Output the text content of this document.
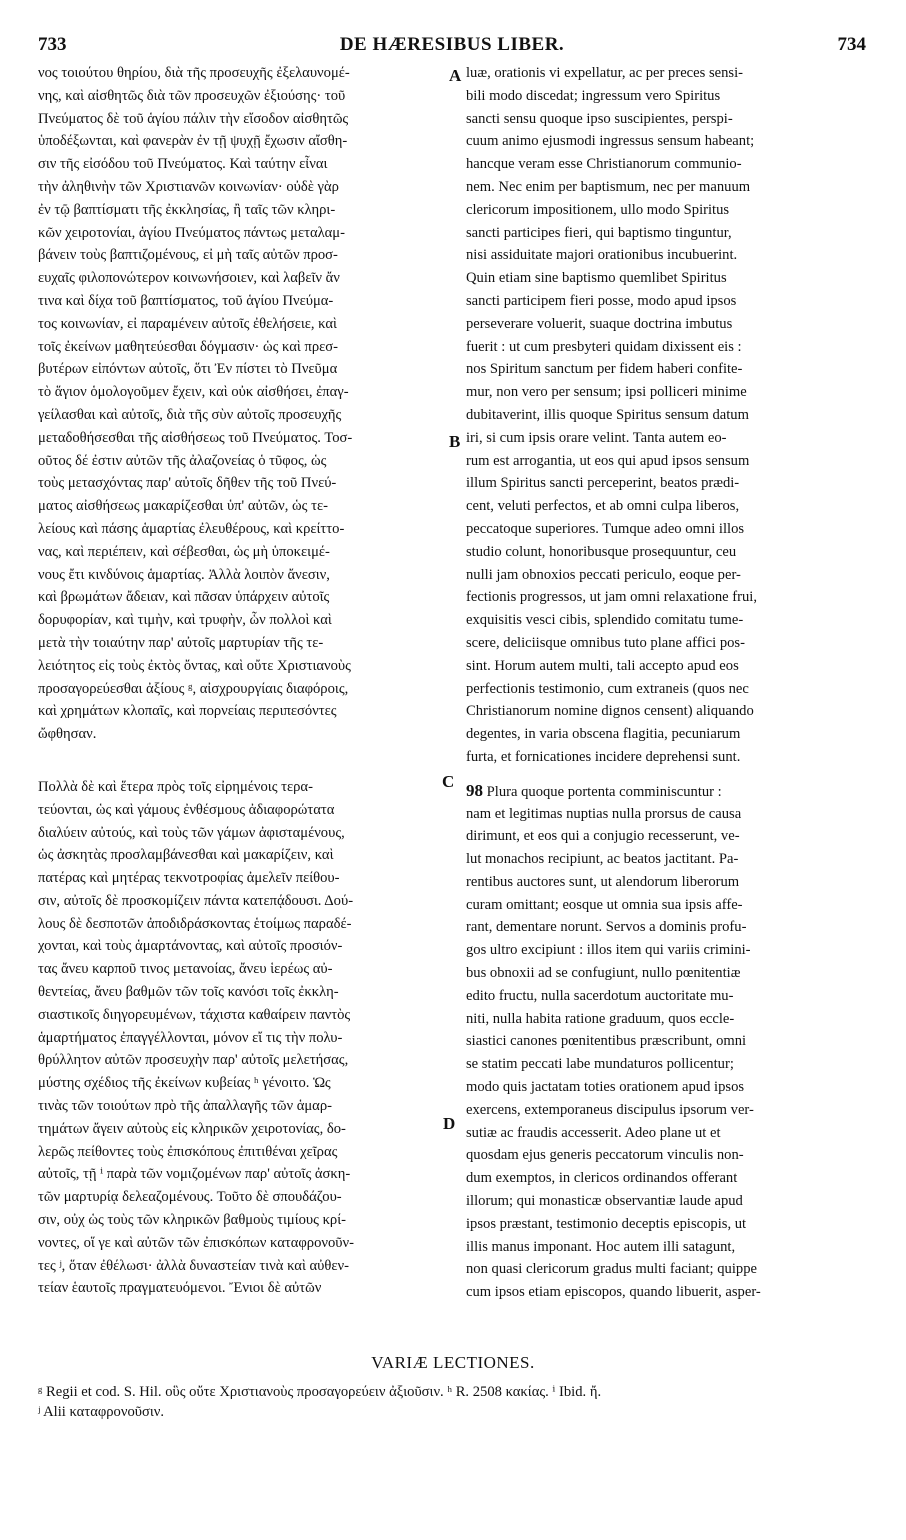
733	DE HÆRESIBUS LIBER.	734
νος τοιούτου θηρίου, διὰ τῆς προσευχῆς ἐξελαυνομέ-
νης, καὶ αἰσθητῶς διὰ τῶν προσευχῶν ἐξιούσης· τοῦ
Πνεύματος δὲ τοῦ ἁγίου πάλιν τὴν εἴσοδον αἰσθητῶς
ὑποδέξωνται, καὶ φανερὰν ἐν τῇ ψυχῇ ἔχωσιν αἴσθη-
σιν τῆς εἰσόδου τοῦ Πνεύματος. Καὶ ταύτην εἶναι
τὴν ἀληθινὴν τῶν Χριστιανῶν κοινωνίαν· οὐδὲ γὰρ
ἐν τῷ βαπτίσματι τῆς ἐκκλησίας, ἢ ταῖς τῶν κληρι-
κῶν χειροτονίαι, ἁγίου Πνεύματος πάντως μεταλαμ-
βάνειν τοὺς βαπτιζομένους, εἰ μὴ ταῖς αὐτῶν προσ-
ευχαῖς φιλοπονώτερον κοινωνήσοιεν, καὶ λαβεῖν ἄν
τινα καὶ δίχα τοῦ βαπτίσματος, τοῦ ἁγίου Πνεύμα-
τος κοινωνίαν, εἰ παραμένειν αὐτοῖς ἐθελήσειε, καὶ
τοῖς ἐκείνων μαθητεύεσθαι δόγμασιν· ὡς καὶ πρεσ-
βυτέρων εἰπόντων αὐτοῖς, ὅτι Ἐν πίστει τὸ Πνεῦμα
τὸ ἅγιον ὁμολογοῦμεν ἔχειν, καὶ οὐκ αἰσθήσει, ἐπαγ-
γείλασθαι καὶ αὐτοῖς, διὰ τῆς σὺν αὐτοῖς προσευχῆς
μεταδοθήσεσθαι τῆς αἰσθήσεως τοῦ Πνεύματος. Τοσ-
οῦτος δέ ἐστιν αὐτῶν τῆς ἀλαζονείας ὁ τῦφος, ὡς
τοὺς μετασχόντας παρ' αὐτοῖς δῆθεν τῆς τοῦ Πνεύ-
ματος αἰσθήσεως μακαρίζεσθαι ὑπ' αὐτῶν, ὡς τε-
λείους καὶ πάσης ἁμαρτίας ἐλευθέρους, καὶ κρείττο-
νας, καὶ περιέπειν, καὶ σέβεσθαι, ὡς μὴ ὑποκειμέ-
νους ἔτι κινδύνοις ἁμαρτίας. Ἀλλὰ λοιπὸν ἄνεσιν,
καὶ βρωμάτων ἄδειαν, καὶ πᾶσαν ὑπάρχειν αὐτοῖς
δορυφορίαν, καὶ τιμὴν, καὶ τρυφὴν, ὧν πολλοὶ καὶ
μετὰ τὴν τοιαύτην παρ' αὐτοῖς μαρτυρίαν τῆς τε-
λειότητος εἰς τοὺς ἐκτὸς ὄντας, καὶ οὔτε Χριστιανοὺς
προσαγορεύεσθαι ἀξίους ᵍ, αἰσχρουργίαις διαφόροις,
καὶ χρημάτων κλοπαῖς, καὶ πορνείαις περιπεσόντες
ὤφθησαν.
Πολλὰ δὲ καὶ ἕτερα πρὸς τοῖς εἰρημένοις τερα-
τεύονται, ὡς καὶ γάμους ἐνθέσμους ἀδιαφορώτατα
διαλύειν αὐτούς, καὶ τοὺς τῶν γάμων ἀφισταμένους,
ὡς ἀσκητὰς προσλαμβάνεσθαι καὶ μακαρίζειν, καὶ
πατέρας καὶ μητέρας τεκνοτροφίας ἀμελεῖν πείθου-
σιν, αὐτοῖς δὲ προσκομίζειν πάντα κατεπᾴδουσι. Δού-
λους δὲ δεσποτῶν ἀποδιδράσκοντας ἑτοίμως παραδέ-
χονται, καὶ τοὺς ἁμαρτάνοντας, καὶ αὐτοῖς προσιόν-
τας ἄνευ καρποῦ τινος μετανοίας, ἄνευ ἱερέως αὐ-
θεντείας, ἄνευ βαθμῶν τῶν τοῖς κανόσι τοῖς ἐκκλη-
σιαστικοῖς διηγορευμένων, τάχιστα καθαίρειν παντὸς
ἁμαρτήματος ἐπαγγέλλονται, μόνον εἴ τις τὴν πολυ-
θρύλλητον αὐτῶν προσευχὴν παρ' αὐτοῖς μελετήσας,
μύστης σχέδιος τῆς ἐκείνων κυβείας ʰ γένοιτο. Ὡς
τινὰς τῶν τοιούτων πρὸ τῆς ἀπαλλαγῆς τῶν ἁμαρ-
τημάτων ἄγειν αὐτοὺς εἰς κληρικῶν χειροτονίας, δο-
λερῶς πείθοντες τοὺς ἐπισκόπους ἐπιτιθέναι χεῖρας
αὐτοῖς, τῇ ⁱ παρὰ τῶν νομιζομένων παρ' αὐτοῖς ἀσκη-
τῶν μαρτυρίᾳ δελεαζομένους. Τοῦτο δὲ σπουδάζου-
σιν, οὐχ ὡς τοὺς τῶν κληρικῶν βαθμοὺς τιμίους κρί-
νοντες, οἵ γε καὶ αὐτῶν τῶν ἐπισκόπων καταφρονοῦν-
τες ʲ, ὅταν ἐθέλωσι· ἀλλὰ δυναστείαν τινὰ καὶ αὐθεν-
τείαν ἑαυτοῖς πραγματευόμενοι. Ἔνιοι δὲ αὐτῶν
luæ, orationis vi expellatur, ac per preces sensi-
bili modo discedat; ingressum vero Spiritus
sancti sensu quoque ipso suscipientes, perspi-
cuum animo ejusmodi ingressus sensum habeant;
hancque veram esse Christianorum communio-
nem. Nec enim per baptismum, nec per manuum
clericorum impositionem, ullo modo Spiritus
sancti participes fieri, qui baptismo tinguntur,
nisi assiduitate majori orationibus incubuerint.
Quin etiam sine baptismo quemlibet Spiritus
sancti participem fieri posse, modo apud ipsos
perseverare voluerit, suaque doctrina imbutus
fuerit : ut cum presbyteri quidam dixissent eis :
nos Spiritum sanctum per fidem haberi confite-
mur, non vero per sensum; ipsi polliceri minime
dubitaverint, illis quoque Spiritus sensum datum
iri, si cum ipsis orare velint. Tanta autem eo-
rum est arrogantia, ut eos qui apud ipsos sensum
illum Spiritus sancti perceperint, beatos prædi-
cent, veluti perfectos, et ab omni culpa liberos,
peccatoque superiores. Tumque adeo omni illos
studio colunt, honoribusque prosequuntur, ceu
nulli jam obnoxios peccati periculo, eoque per-
fectionis progressos, ut jam omni relaxatione frui,
exquisitis vesci cibis, splendido comitatu tume-
scere, deliciisque omnibus tuto plane affici pos-
sint. Horum autem multi, tali accepto apud eos
perfectionis testimonio, cum extraneis (quos nec
Christianorum nomine dignos censent) aliquando
degentes, in varia obscena flagitia, pecuniarum
furta, et fornicationes incidere deprehensi sunt.
98 Plura quoque portenta comminiscuntur :
nam et legitimas nuptias nulla prorsus de causa
dirimunt, et eos qui a conjugio recesserunt, ve-
lut monachos recipiunt, ac beatos jactitant. Pa-
rentibus auctores sunt, ut alendorum liberorum
curam omittant; eosque ut omnia sua ipsis affe-
rant, dementare norunt. Servos a dominis profu-
gos ultro excipiunt : illos item qui variis crimini-
bus obnoxii ad se confugiunt, nullo pœnitentiæ
edito fructu, nulla sacerdotum auctoritate mu-
niti, nulla habita ratione graduum, quos eccle-
siastici canones pœnitentibus præscribunt, omni
se statim peccati labe mundaturos pollicentur;
modo quis jactatam toties orationem apud ipsos
exercens, extemporaneus discipulus ipsorum ver-
sutiæ ac fraudis accesserit. Adeo plane ut et
quosdam ejus generis peccatorum vinculis non-
dum exemptos, in clericos ordinandos offerant
illorum; qui monasticæ observantiæ laude apud
ipsos præstant, testimonio deceptis episcopis, ut
illis manus imponant. Hoc autem illi satagunt,
non quasi clericorum gradus multi faciant; quippe
cum ipsos etiam episcopos, quando libuerit, asper-
A
B
C
D
VARIÆ LECTIONES.
ᵍ Regii et cod. S. Hil. οὓς οὔτε Χριστιανοὺς προσαγορεύειν ἀξιοῦσιν. ʰ R. 2508 κακίας. ⁱ Ibid. ἤ.
ʲ Alii καταφρονοῦσιν.
